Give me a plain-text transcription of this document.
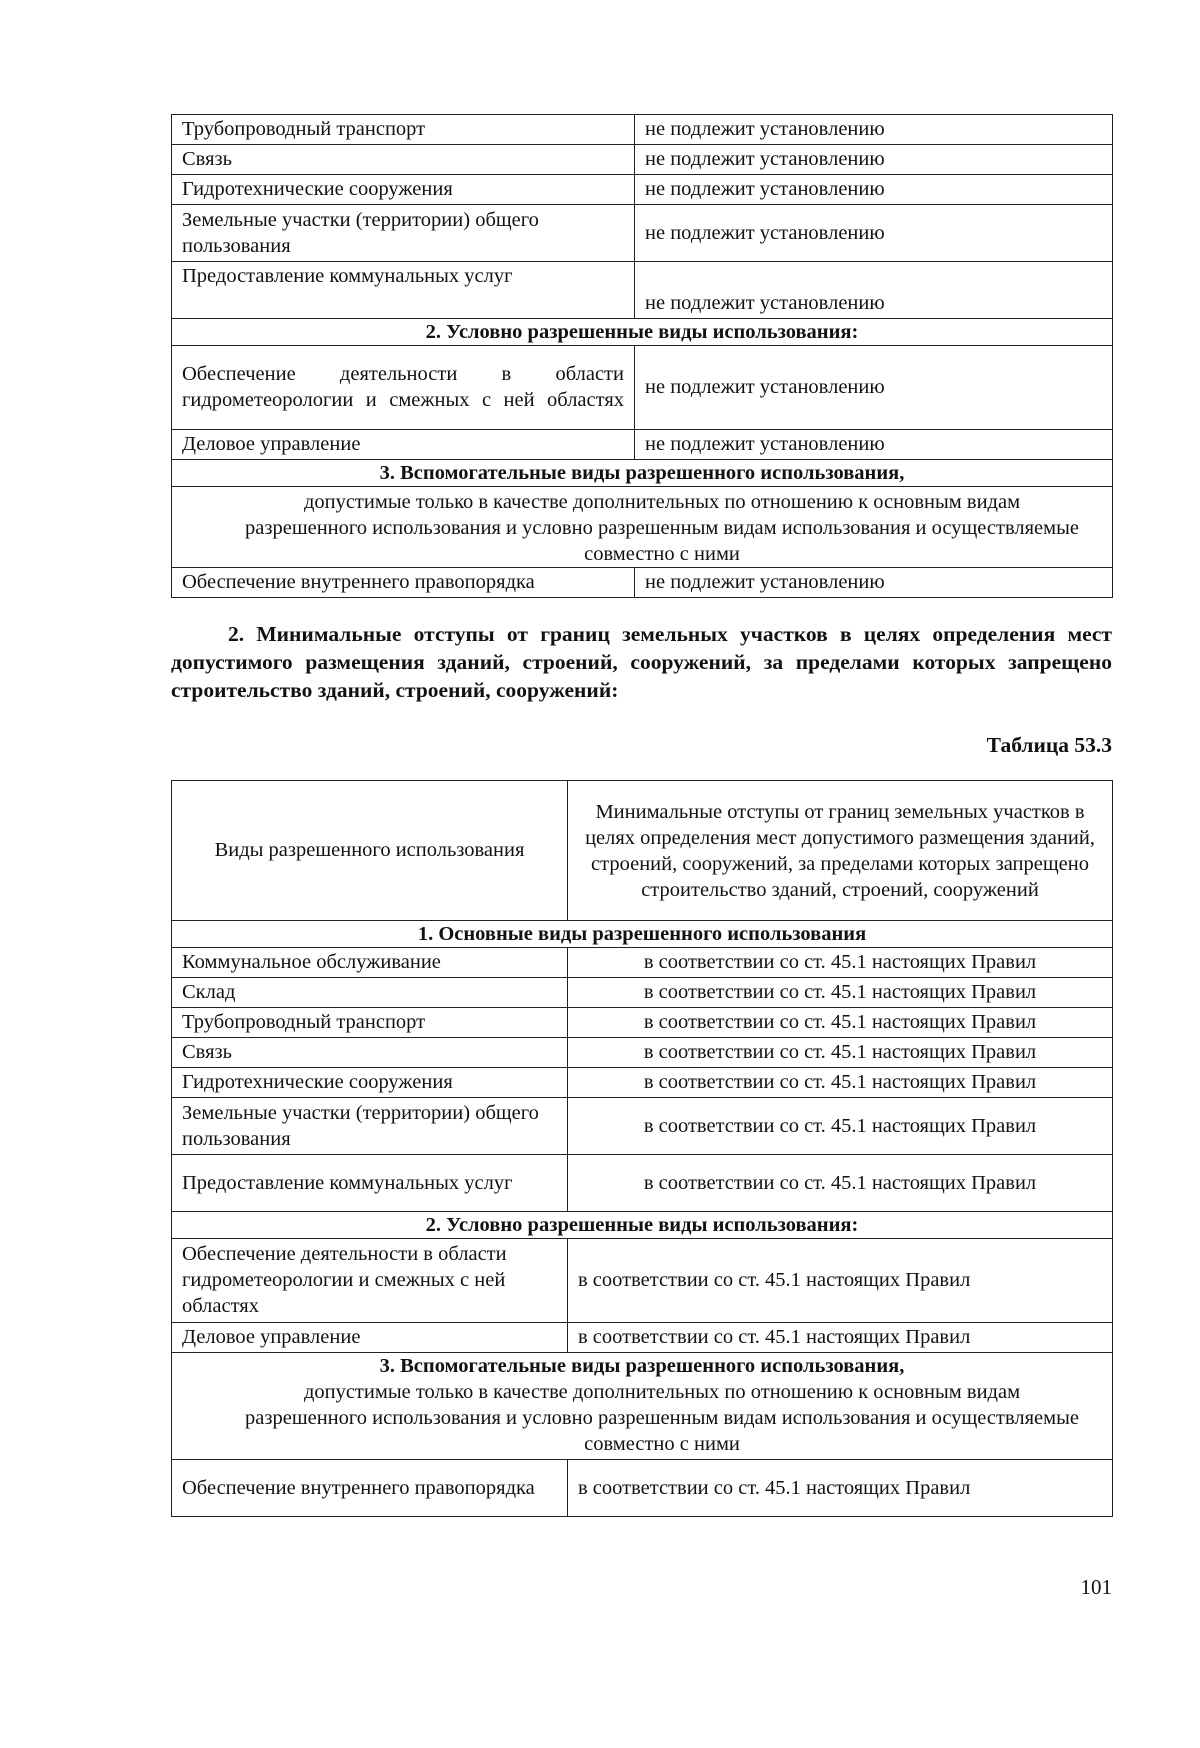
Трубопроводный транспорт	не подлежит установлению
Связь	не подлежит установлению
Гидротехнические сооружения	не подлежит установлению
Земельные участки (территории) общего пользования	не подлежит установлению
Предоставление коммунальных услуг	не подлежит установлению
2. Условно разрешенные виды использования:	
Обеспечение деятельности в области гидрометеорологии и смежных с ней областях	не подлежит установлению
Деловое управление	не подлежит установлению
3. Вспомогательные виды разрешенного использования,	
допустимые только в качестве дополнительных по отношению к основным видам разрешенного использования и условно разрешенным видам использования и осуществляемые совместно с ними	
Обеспечение внутреннего правопорядка	не подлежит установлению

2. Минимальные отступы от границ земельных участков в целях определения мест допустимого размещения зданий, строений, сооружений, за пределами которых запрещено строительство зданий, строений, сооружений:

Таблица 53.3
Виды разрешенного использования	Минимальные отступы от границ земельных участков в целях определения мест допустимого размещения зданий, строений, сооружений, за пределами которых запрещено строительство зданий, строений, сооружений
1. Основные виды разрешенного использования	
Коммунальное обслуживание	в соответствии со ст. 45.1 настоящих Правил
Склад	в соответствии со ст. 45.1 настоящих Правил
Трубопроводный транспорт	в соответствии со ст. 45.1 настоящих Правил
Связь	в соответствии со ст. 45.1 настоящих Правил
Гидротехнические сооружения	в соответствии со ст. 45.1 настоящих Правил
Земельные участки (территории) общего пользования	в соответствии со ст. 45.1 настоящих Правил
Предоставление коммунальных услуг	в соответствии со ст. 45.1 настоящих Правил
2. Условно разрешенные виды использования:	
Обеспечение деятельности в области гидрометеорологии и смежных с ней областях	в соответствии со ст. 45.1 настоящих Правил
Деловое управление	в соответствии со ст. 45.1 настоящих Правил
3. Вспомогательные виды разрешенного использования,	
допустимые только в качестве дополнительных по отношению к основным видам разрешенного использования и условно разрешенным видам использования и осуществляемые совместно с ними	
Обеспечение внутреннего правопорядка	в соответствии со ст. 45.1 настоящих Правил
101
